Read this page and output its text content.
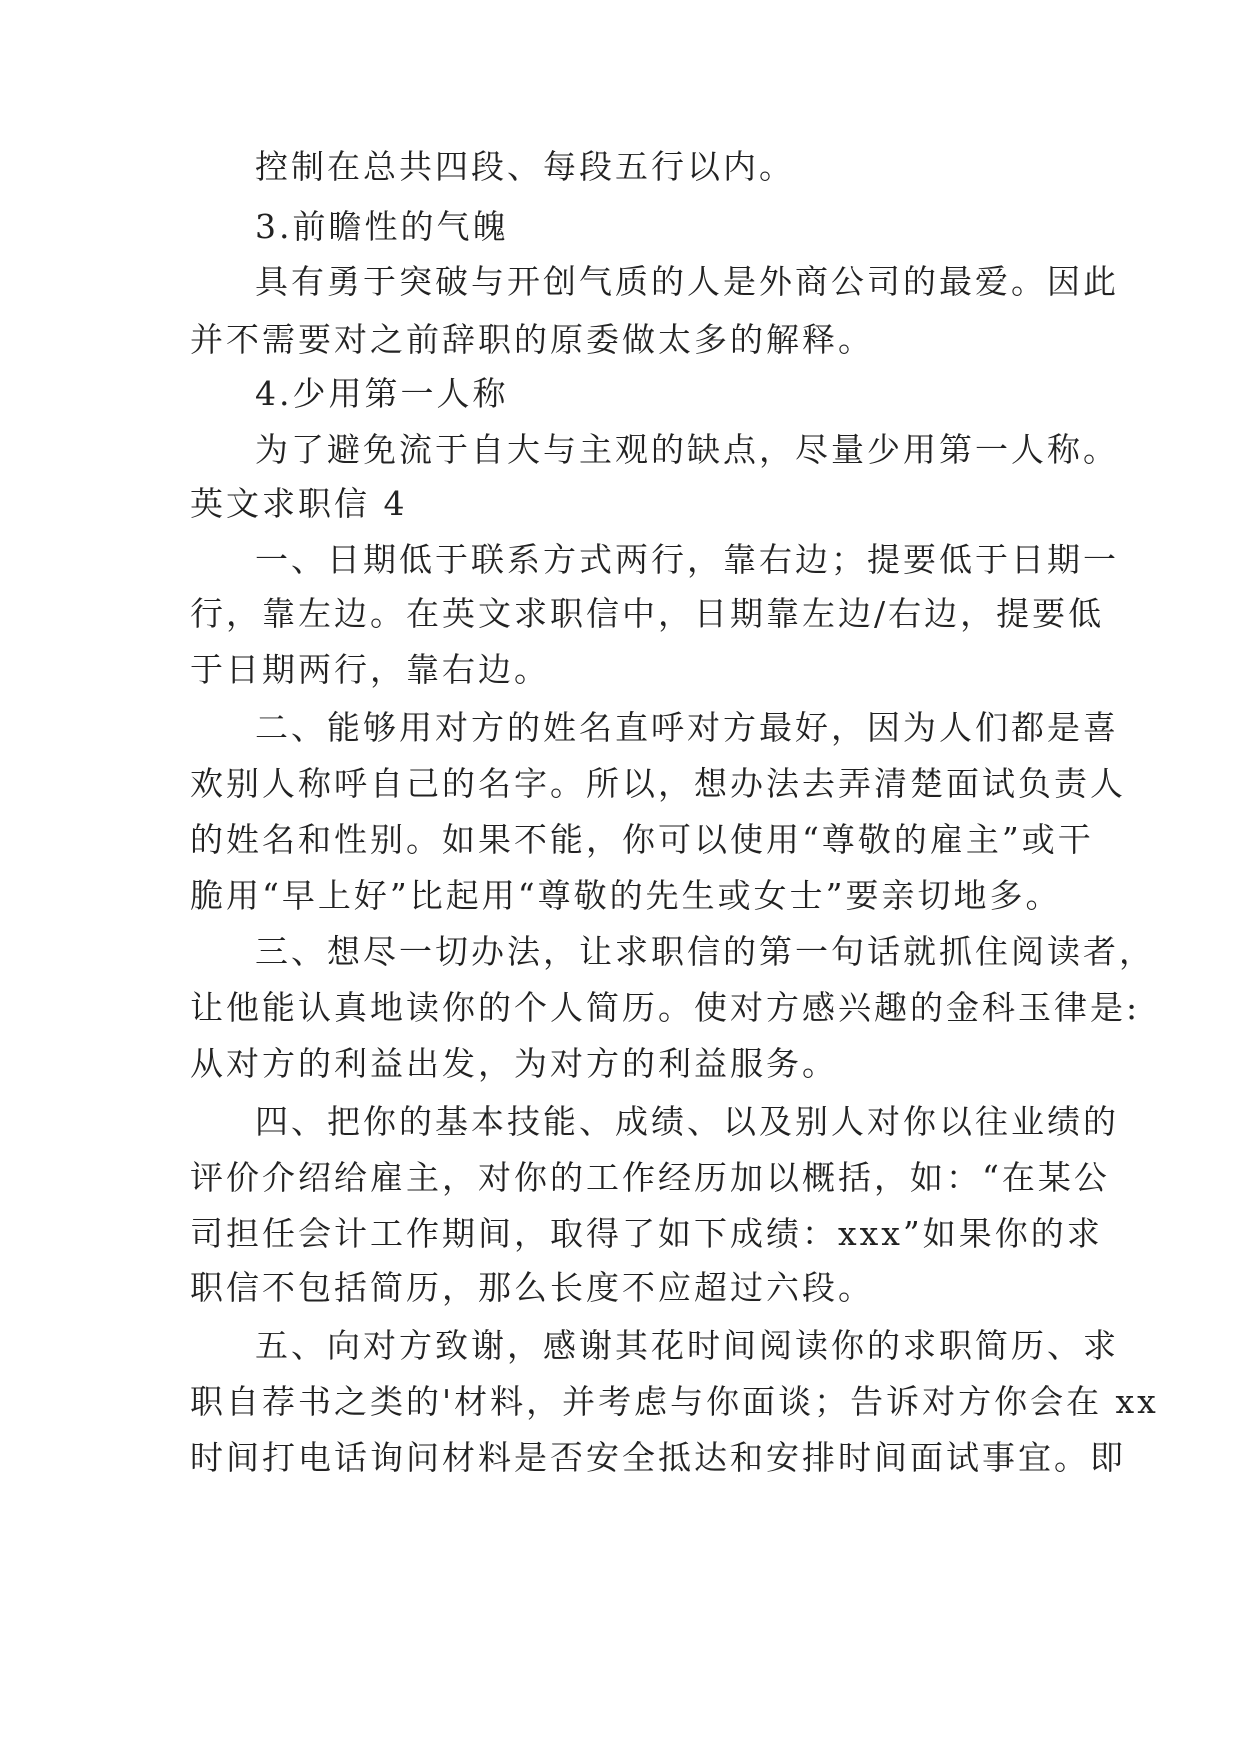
控制在总共四段、每段五行以内。
3.前瞻性的气魄
具有勇于突破与开创气质的人是外商公司的最爱。因此
并不需要对之前辞职的原委做太多的解释。
4.少用第一人称
为了避免流于自大与主观的缺点，尽量少用第一人称。
英文求职信 4
一、日期低于联系方式两行，靠右边；提要低于日期一
行，靠左边。在英文求职信中，日期靠左边/右边，提要低
于日期两行，靠右边。
二、能够用对方的姓名直呼对方最好，因为人们都是喜
欢别人称呼自己的名字。所以，想办法去弄清楚面试负责人
的姓名和性别。如果不能，你可以使用“尊敬的雇主”或干
脆用“早上好”比起用“尊敬的先生或女士”要亲切地多。
三、想尽一切办法，让求职信的第一句话就抓住阅读者，
让他能认真地读你的个人简历。使对方感兴趣的金科玉律是:
从对方的利益出发，为对方的利益服务。
四、把你的基本技能、成绩、以及别人对你以往业绩的
评价介绍给雇主，对你的工作经历加以概括，如：“在某公
司担任会计工作期间，取得了如下成绩：xxx”如果你的求
职信不包括简历，那么长度不应超过六段。
五、向对方致谢，感谢其花时间阅读你的求职简历、求
职自荐书之类的'材料，并考虑与你面谈；告诉对方你会在 xx
时间打电话询问材料是否安全抵达和安排时间面试事宜。即
